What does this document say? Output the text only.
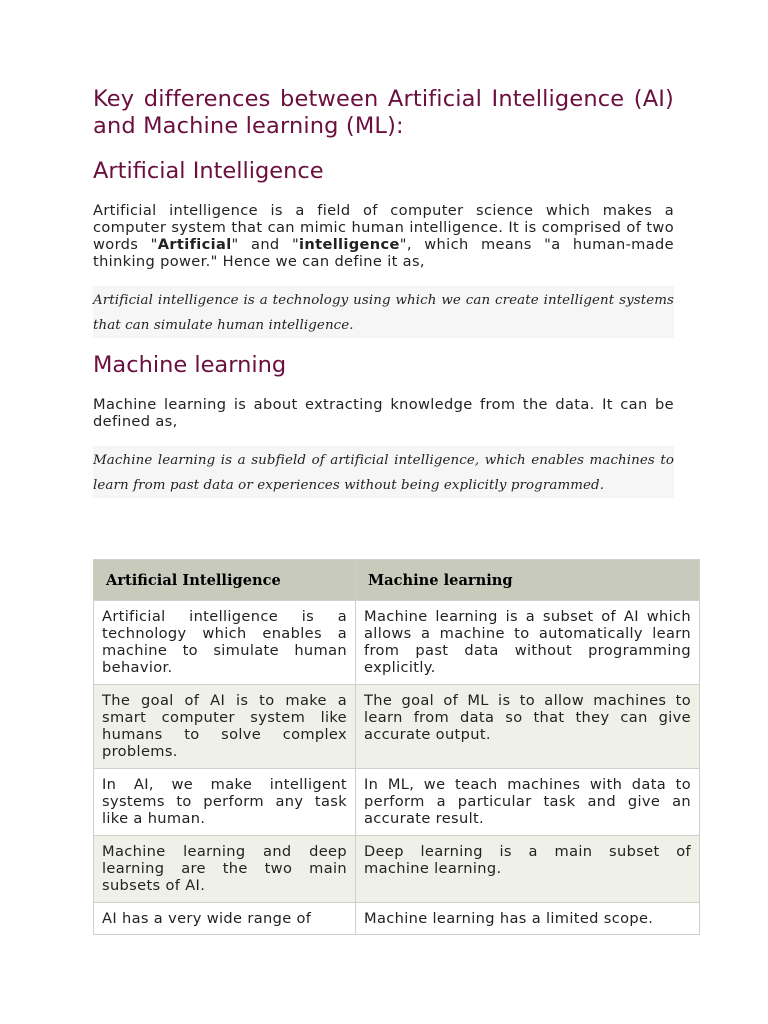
Key differences between Artificial Intelligence (AI) and Machine learning (ML):
Artificial Intelligence

Artificial intelligence is a field of computer science which makes a computer system that can mimic human intelligence. It is comprised of two words "Artificial" and "intelligence", which means "a human-made thinking power." Hence we can define it as,

Artificial intelligence is a technology using which we can create intelligent systems that can simulate human intelligence.
Machine learning

Machine learning is about extracting knowledge from the data. It can be defined as,

Machine learning is a subfield of artificial intelligence, which enables machines to learn from past data or experiences without being explicitly programmed.
Artificial Intelligence	Machine learning
Artificial intelligence is a technology which enables a machine to simulate human behavior.	Machine learning is a subset of AI which allows a machine to automatically learn from past data without programming explicitly.
The goal of AI is to make a smart computer system like humans to solve complex problems.	The goal of ML is to allow machines to learn from data so that they can give accurate output.
In AI, we make intelligent systems to perform any task like a human.	In ML, we teach machines with data to perform a particular task and give an accurate result.
Machine learning and deep learning are the two main subsets of AI.	Deep learning is a main subset of machine learning.
AI has a very wide range of	Machine learning has a limited scope.
